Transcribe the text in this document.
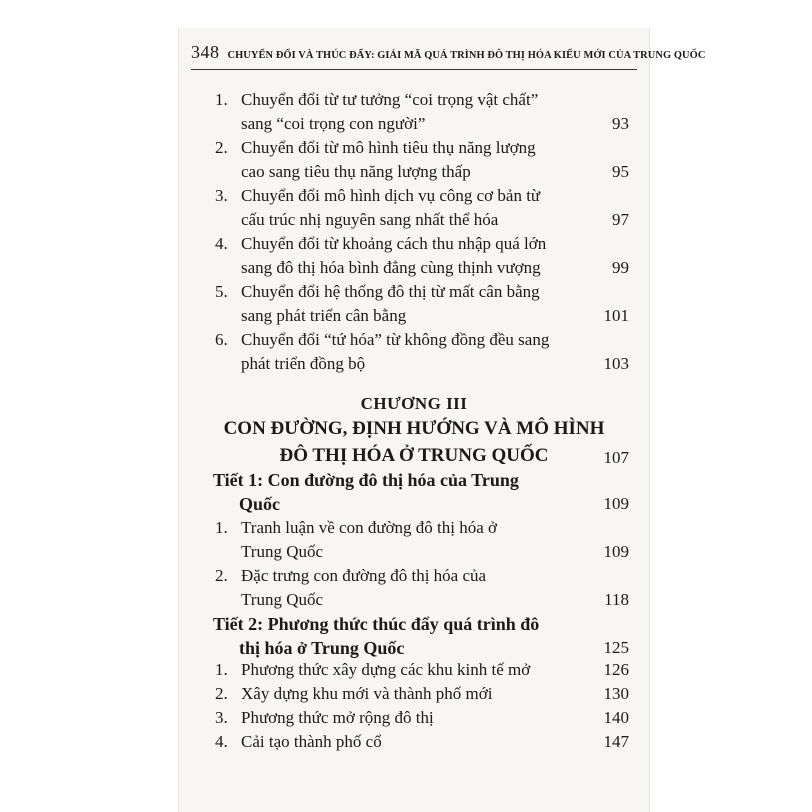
348 CHUYỂN ĐỔI VÀ THÚC ĐẨY: GIẢI MÃ QUÁ TRÌNH ĐÔ THỊ HÓA KIỂU MỚI CỦA TRUNG QUỐC
1. Chuyển đổi từ tư tưởng “coi trọng vật chất”
sang “coi trọng con người”	93
2. Chuyển đổi từ mô hình tiêu thụ năng lượng
cao sang tiêu thụ năng lượng thấp	95
3. Chuyển đổi mô hình dịch vụ công cơ bản từ
cấu trúc nhị nguyên sang nhất thể hóa	97
4. Chuyển đổi từ khoảng cách thu nhập quá lớn
sang đô thị hóa bình đẳng cùng thịnh vượng	99
5. Chuyển đổi hệ thống đô thị từ mất cân bằng
sang phát triển cân bằng	101
6. Chuyển đổi “tứ hóa” từ không đồng đều sang
phát triển đồng bộ	103
CHƯƠNG III
CON ĐƯỜNG, ĐỊNH HƯỚNG VÀ MÔ HÌNH
ĐÔ THỊ HÓA Ở TRUNG QUỐC	107
Tiết 1: Con đường đô thị hóa của Trung
Quốc	109
1. Tranh luận về con đường đô thị hóa ở
Trung Quốc	109
2. Đặc trưng con đường đô thị hóa của
Trung Quốc	118
Tiết 2: Phương thức thúc đẩy quá trình đô
thị hóa ở Trung Quốc	125
1. Phương thức xây dựng các khu kinh tế mở	126
2. Xây dựng khu mới và thành phố mới	130
3. Phương thức mở rộng đô thị	140
4. Cải tạo thành phố cổ	147
